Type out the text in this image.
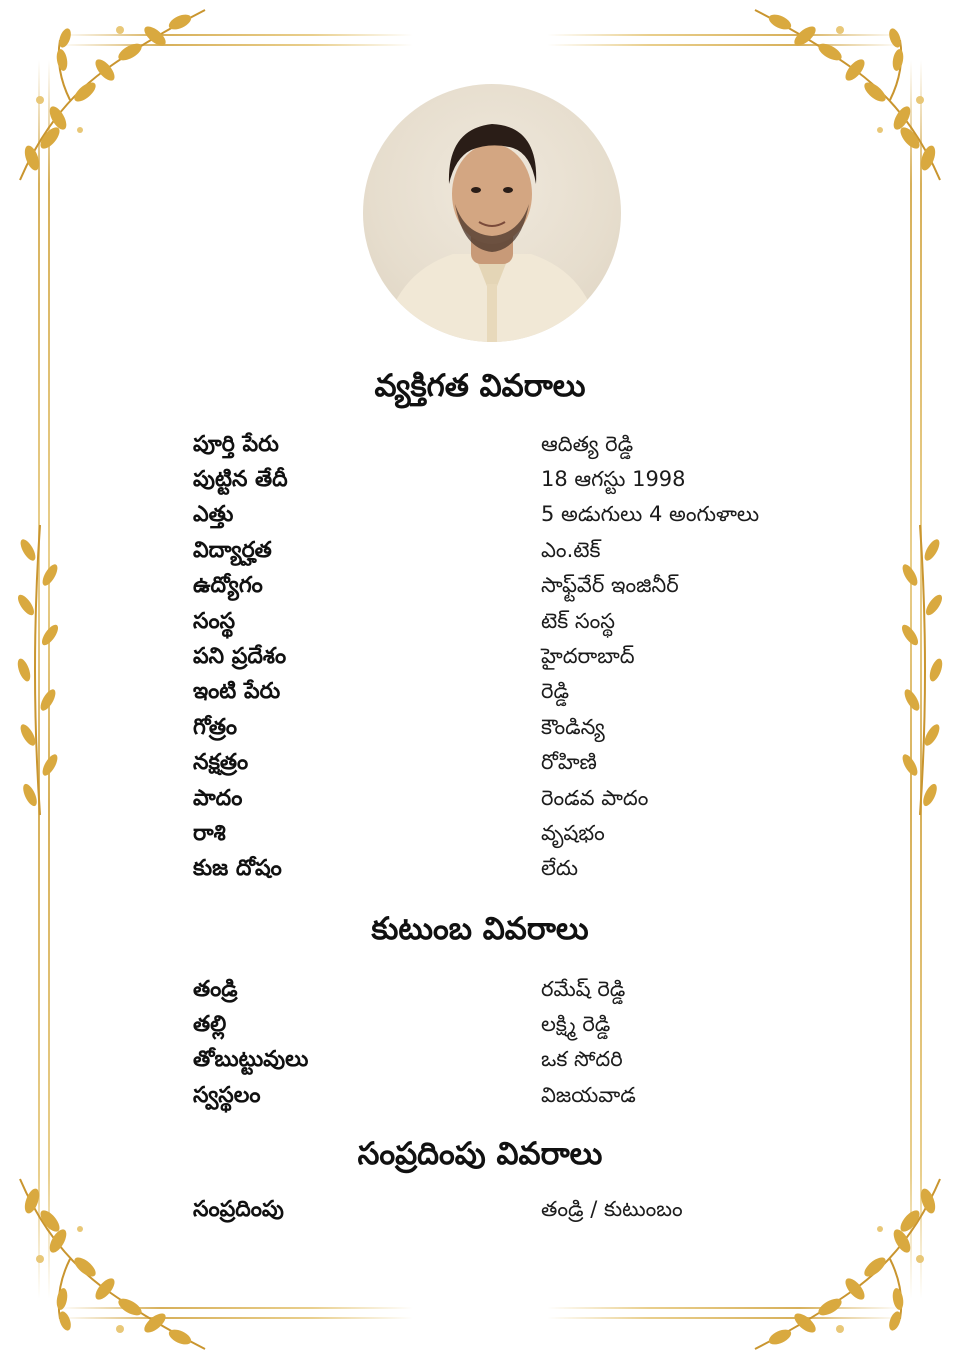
వ్యక్తిగత వివరాలు
పూర్తి పేరు	ఆదిత్య రెడ్డి
పుట్టిన తేదీ	18 ఆగస్టు 1998
ఎత్తు	5 అడుగులు 4 అంగుళాలు
విద్యార్హత	ఎం.టెక్
ఉద్యోగం	సాఫ్ట్‌వేర్ ఇంజినీర్
సంస్థ	టెక్ సంస్థ
పని ప్రదేశం	హైదరాబాద్
ఇంటి పేరు	రెడ్డి
గోత్రం	కౌండిన్య
నక్షత్రం	రోహిణి
పాదం	రెండవ పాదం
రాశి	వృషభం
కుజ దోషం	లేదు
కుటుంబ వివరాలు
తండ్రి	రమేష్ రెడ్డి
తల్లి	లక్ష్మి రెడ్డి
తోబుట్టువులు	ఒక సోదరి
స్వస్థలం	విజయవాడ
సంప్రదింపు వివరాలు
సంప్రదింపు	తండ్రి / కుటుంబం
